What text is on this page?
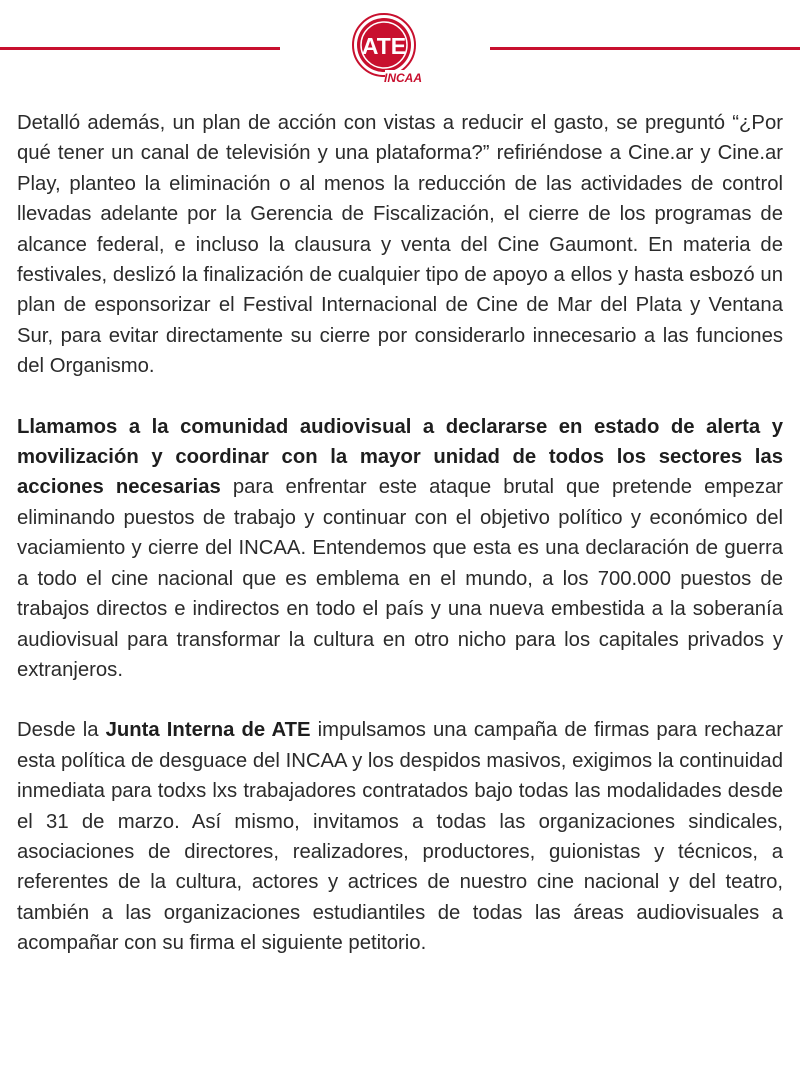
ATE
INCAA

Detalló además, un plan de acción con vistas a reducir el gasto, se preguntó “¿Por qué tener un canal de televisión y una plataforma?” refiriéndose a Cine.ar y Cine.ar Play, planteo la eliminación o al menos la reducción de las actividades de control llevadas adelante por la Gerencia de Fiscalización, el cierre de los programas de alcance federal, e incluso la clausura y venta del Cine Gaumont. En materia de festivales, deslizó la finalización de cualquier tipo de apoyo a ellos y hasta esbozó un plan de esponsorizar el Festival Internacional de Cine de Mar del Plata y Ventana Sur, para evitar directamente su cierre por considerarlo innecesario a las funciones del Organismo.

Llamamos a la comunidad audiovisual a declararse en estado de alerta y movilización y coordinar con la mayor unidad de todos los sectores las acciones necesarias para enfrentar este ataque brutal que pretende empezar eliminando puestos de trabajo y continuar con el objetivo político y económico del vaciamiento y cierre del INCAA. Entendemos que esta es una declaración de guerra a todo el cine nacional que es emblema en el mundo, a los 700.000 puestos de trabajos directos e indirectos en todo el país y una nueva embestida a la soberanía audiovisual para transformar la cultura en otro nicho para los capitales privados y extranjeros.

Desde la Junta Interna de ATE impulsamos una campaña de firmas para rechazar esta política de desguace del INCAA y los despidos masivos, exigimos la continuidad inmediata para todxs lxs trabajadores contratados bajo todas las modalidades desde el 31 de marzo. Así mismo, invitamos a todas las organizaciones sindicales, asociaciones de directores, realizadores, productores, guionistas y técnicos, a referentes de la cultura, actores y actrices de nuestro cine nacional y del teatro, también a las organizaciones estudiantiles de todas las áreas audiovisuales a acompañar con su firma el siguiente petitorio.
